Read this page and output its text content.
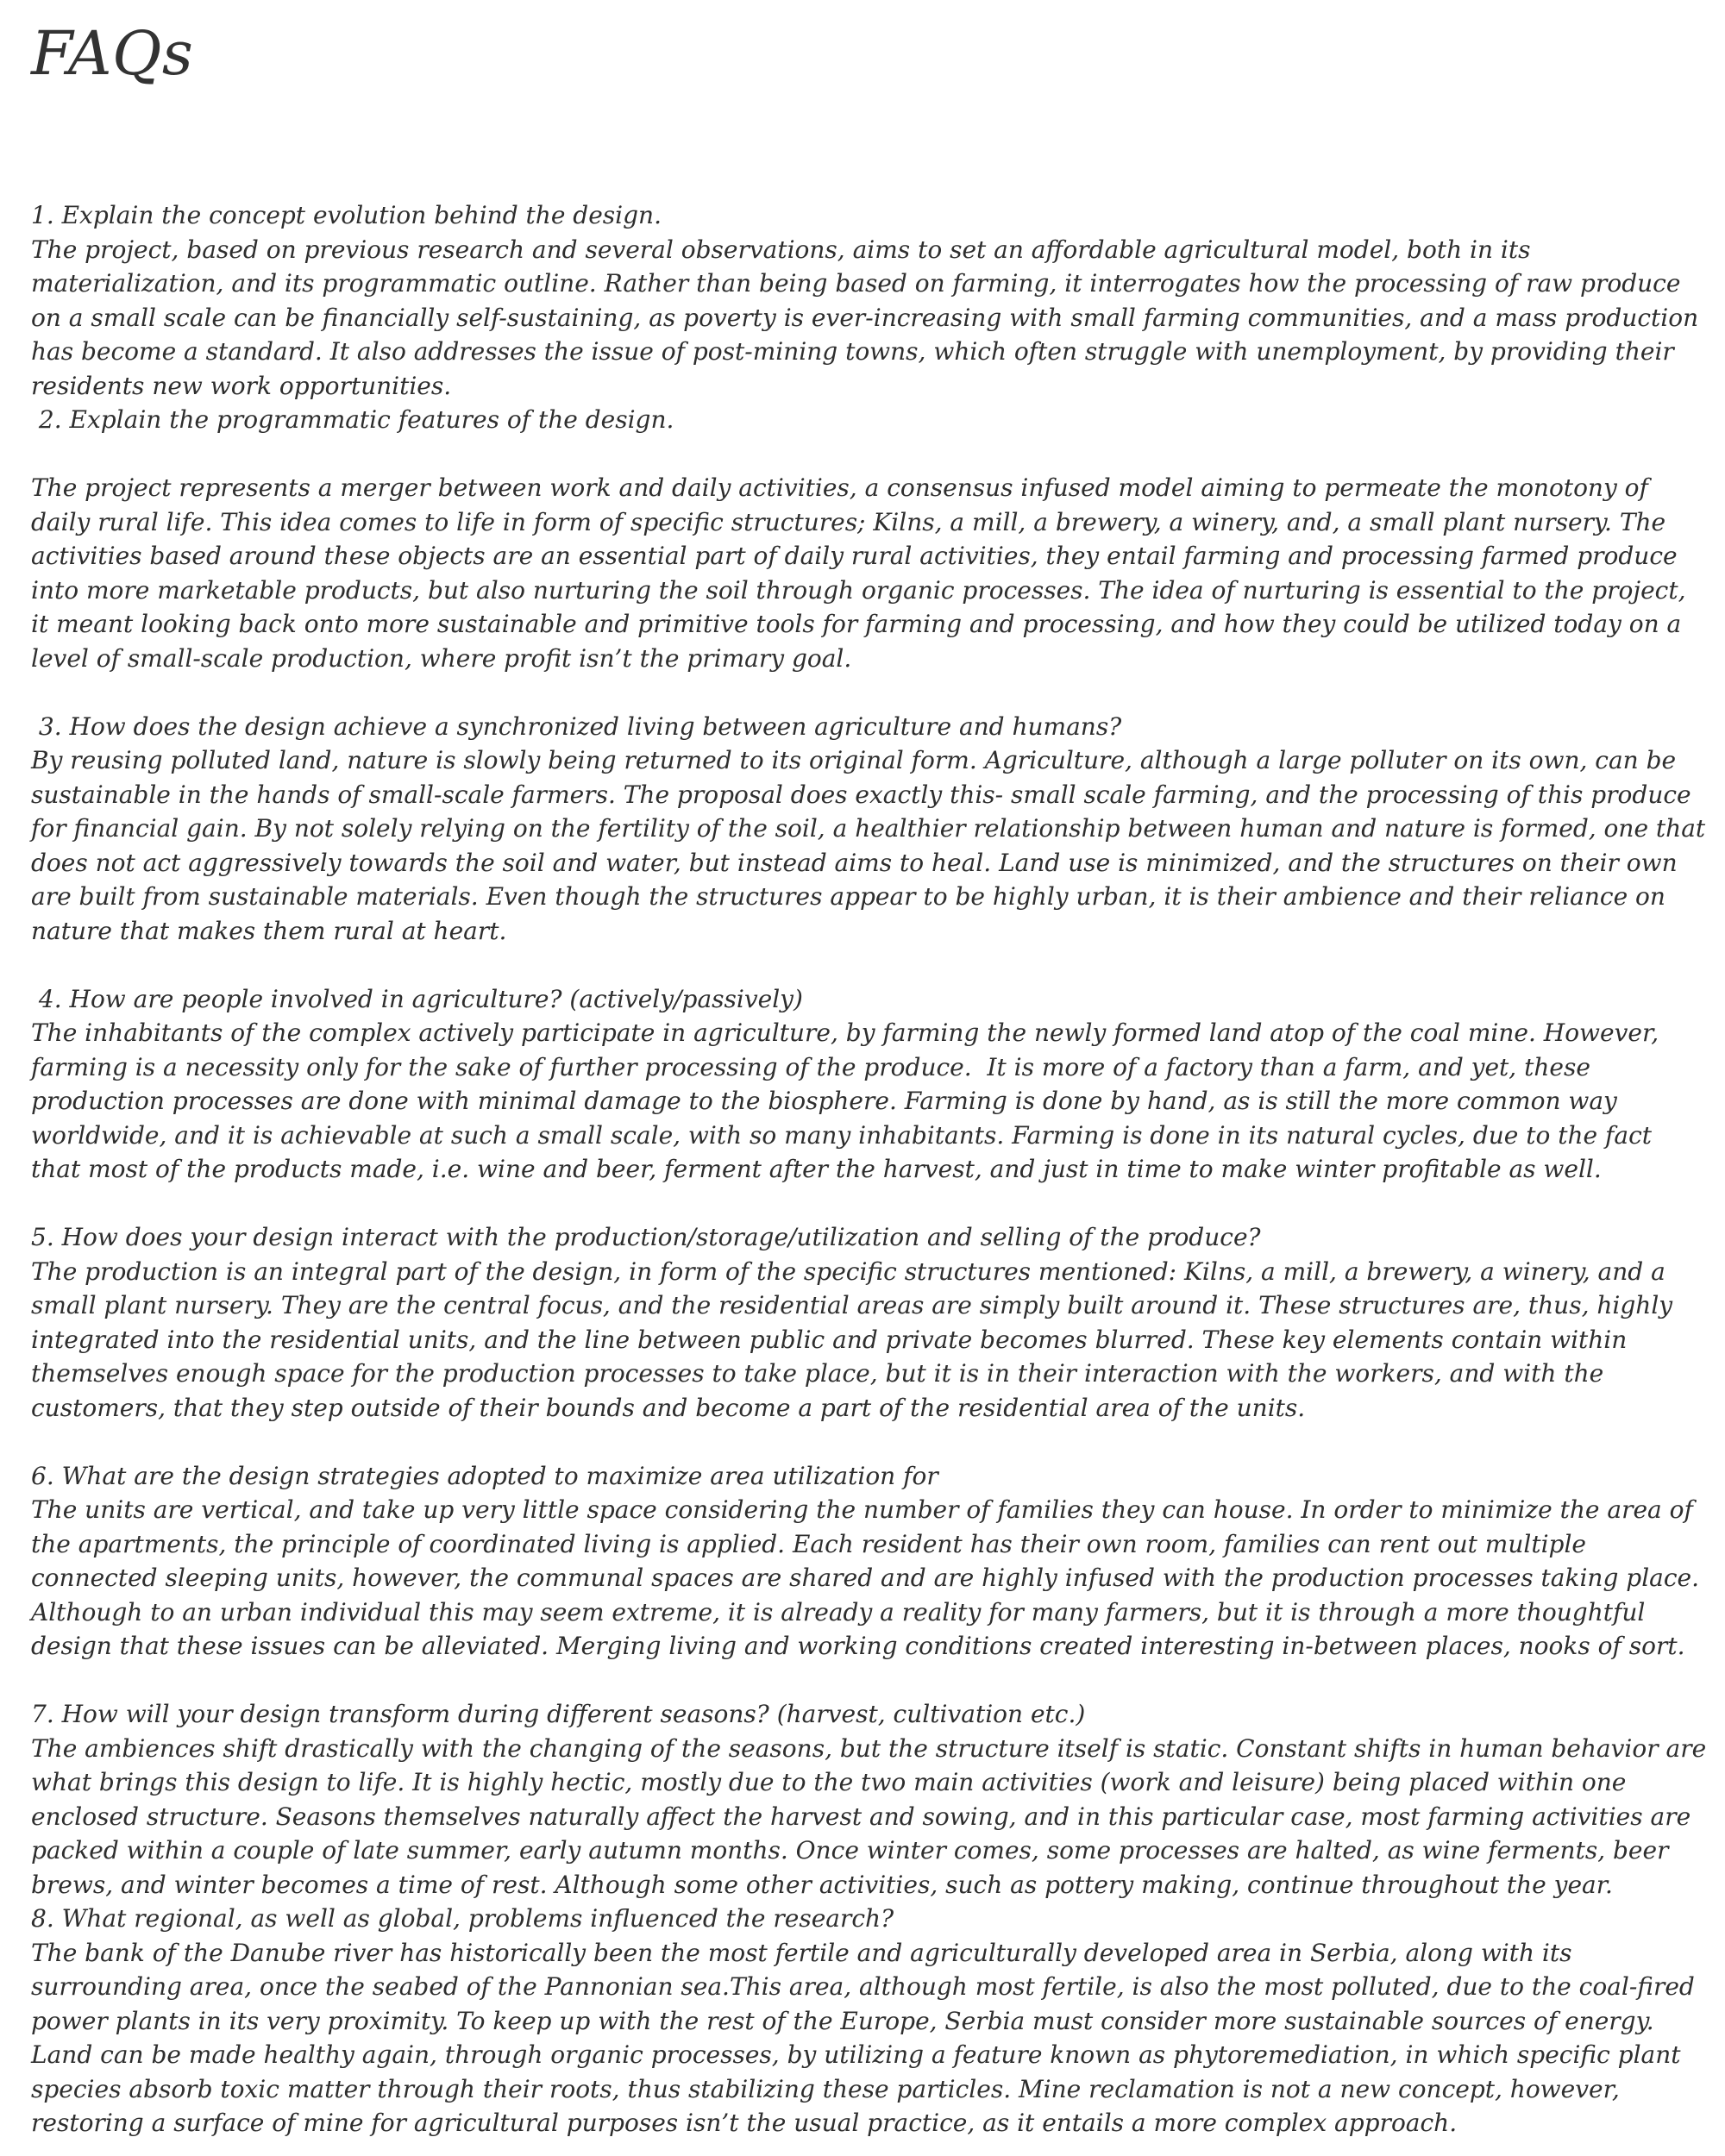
FAQs

1. Explain the concept evolution behind the design.

The project, based on previous research and several observations, aims to set an affordable agricultural model, both in its materialization, and its programmatic outline. Rather than being based on farming, it interrogates how the processing of raw produce on a small scale can be financially self-sustaining, as poverty is ever-increasing with small farming communities, and a mass production has become a standard. It also addresses the issue of post-mining towns, which often struggle with unemployment, by providing their residents new work opportunities.

2. Explain the programmatic features of the design.

The project represents a merger between work and daily activities, a consensus infused model aiming to permeate the monotony of daily rural life. This idea comes to life in form of specific structures; Kilns, a mill, a brewery, a winery, and, a small plant nursery. The activities based around these objects are an essential part of daily rural activities, they entail farming and processing farmed produce into more marketable products, but also nurturing the soil through organic processes. The idea of nurturing is essential to the project, it meant looking back onto more sustainable and primitive tools for farming and processing, and how they could be utilized today on a level of small-scale production, where profit isn’t the primary goal.

3. How does the design achieve a synchronized living between agriculture and humans?

By reusing polluted land, nature is slowly being returned to its original form. Agriculture, although a large polluter on its own, can be sustainable in the hands of small-scale farmers. The proposal does exactly this- small scale farming, and the processing of this produce for financial gain. By not solely relying on the fertility of the soil, a healthier relationship between human and nature is formed, one that does not act aggressively towards the soil and water, but instead aims to heal. Land use is minimized, and the structures on their own are built from sustainable materials. Even though the structures appear to be highly urban, it is their ambience and their reliance on nature that makes them rural at heart.

4. How are people involved in agriculture? (actively/passively)

The inhabitants of the complex actively participate in agriculture, by farming the newly formed land atop of the coal mine. However, farming is a necessity only for the sake of further processing of the produce.  It is more of a factory than a farm, and yet, these production processes are done with minimal damage to the biosphere. Farming is done by hand, as is still the more common way worldwide, and it is achievable at such a small scale, with so many inhabitants. Farming is done in its natural cycles, due to the fact that most of the products made, i.e. wine and beer, ferment after the harvest, and just in time to make winter profitable as well.

5. How does your design interact with the production/storage/utilization and selling of the produce?

The production is an integral part of the design, in form of the specific structures mentioned: Kilns, a mill, a brewery, a winery, and a small plant nursery. They are the central focus, and the residential areas are simply built around it. These structures are, thus, highly integrated into the residential units, and the line between public and private becomes blurred. These key elements contain within themselves enough space for the production processes to take place, but it is in their interaction with the workers, and with the customers, that they step outside of their bounds and become a part of the residential area of the units.

6. What are the design strategies adopted to maximize area utilization for

The units are vertical, and take up very little space considering the number of families they can house. In order to minimize the area of the apartments, the principle of coordinated living is applied. Each resident has their own room, families can rent out multiple connected sleeping units, however, the communal spaces are shared and are highly infused with the production processes taking place.

Although to an urban individual this may seem extreme, it is already a reality for many farmers, but it is through a more thoughtful design that these issues can be alleviated. Merging living and working conditions created interesting in-between places, nooks of sort.

7. How will your design transform during different seasons? (harvest, cultivation etc.)

The ambiences shift drastically with the changing of the seasons, but the structure itself is static. Constant shifts in human behavior are what brings this design to life. It is highly hectic, mostly due to the two main activities (work and leisure) being placed within one enclosed structure. Seasons themselves naturally affect the harvest and sowing, and in this particular case, most farming activities are packed within a couple of late summer, early autumn months. Once winter comes, some processes are halted, as wine ferments, beer brews, and winter becomes a time of rest. Although some other activities, such as pottery making, continue throughout the year.

8. What regional, as well as global, problems influenced the research?

The bank of the Danube river has historically been the most fertile and agriculturally developed area in Serbia, along with its surrounding area, once the seabed of the Pannonian sea.This area, although most fertile, is also the most polluted, due to the coal-fired power plants in its very proximity. To keep up with the rest of the Europe, Serbia must consider more sustainable sources of energy. Land can be made healthy again, through organic processes, by utilizing a feature known as phytoremediation, in which specific plant species absorb toxic matter through their roots, thus stabilizing these particles. Mine reclamation is not a new concept, however, restoring a surface of mine for agricultural purposes isn’t the usual practice, as it entails a more complex approach.
